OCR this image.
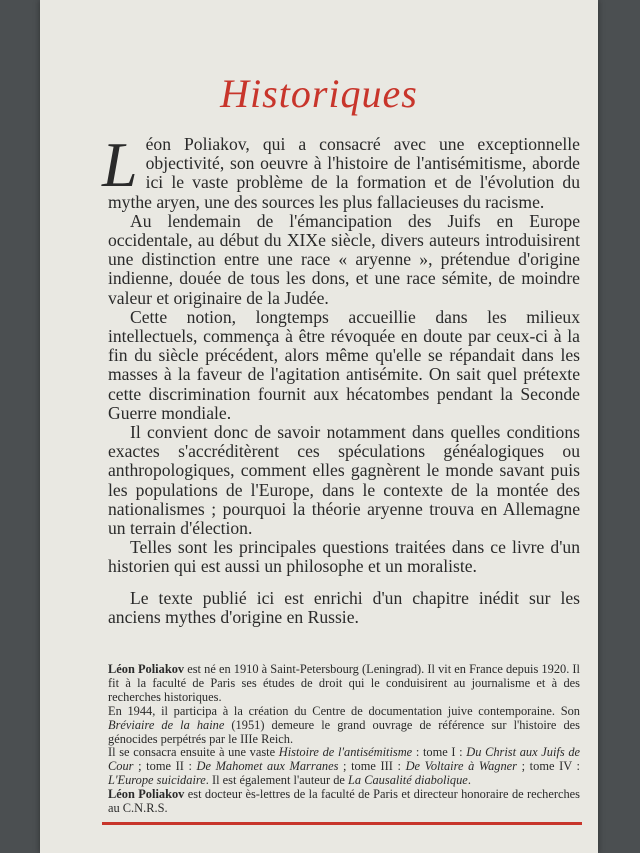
Historiques

Léon Poliakov, qui a consacré avec une exceptionnelle objectivité, son oeuvre à l'histoire de l'antisémitisme, aborde ici le vaste problème de la formation et de l'évolution du mythe aryen, une des sources les plus fallacieuses du racisme.

Au lendemain de l'émancipation des Juifs en Europe occidentale, au début du XIXe siècle, divers auteurs introduisirent une distinction entre une race « aryenne », prétendue d'origine indienne, douée de tous les dons, et une race sémite, de moindre valeur et originaire de la Judée.

Cette notion, longtemps accueillie dans les milieux intellectuels, commença à être révoquée en doute par ceux-ci à la fin du siècle précédent, alors même qu'elle se répandait dans les masses à la faveur de l'agitation antisémite. On sait quel prétexte cette discrimination fournit aux hécatombes pendant la Seconde Guerre mondiale.

Il convient donc de savoir notamment dans quelles conditions exactes s'accréditèrent ces spéculations généalogiques ou anthropologiques, comment elles gagnèrent le monde savant puis les populations de l'Europe, dans le contexte de la montée des nationalismes ; pourquoi la théorie aryenne trouva en Allemagne un terrain d'élection.

Telles sont les principales questions traitées dans ce livre d'un historien qui est aussi un philosophe et un moraliste.

Le texte publié ici est enrichi d'un chapitre inédit sur les anciens mythes d'origine en Russie.

Léon Poliakov est né en 1910 à Saint-Petersbourg (Leningrad). Il vit en France depuis 1920. Il fit à la faculté de Paris ses études de droit qui le conduisirent au journalisme et à des recherches historiques.

En 1944, il participa à la création du Centre de documentation juive contemporaine. Son Bréviaire de la haine (1951) demeure le grand ouvrage de référence sur l'histoire des génocides perpétrés par le IIIe Reich.

Il se consacra ensuite à une vaste Histoire de l'antisémitisme : tome I : Du Christ aux Juifs de Cour ; tome II : De Mahomet aux Marranes ; tome III : De Voltaire à Wagner ; tome IV : L'Europe suicidaire. Il est également l'auteur de La Causalité diabolique.

Léon Poliakov est docteur ès-lettres de la faculté de Paris et directeur honoraire de recherches au C.N.R.S.
